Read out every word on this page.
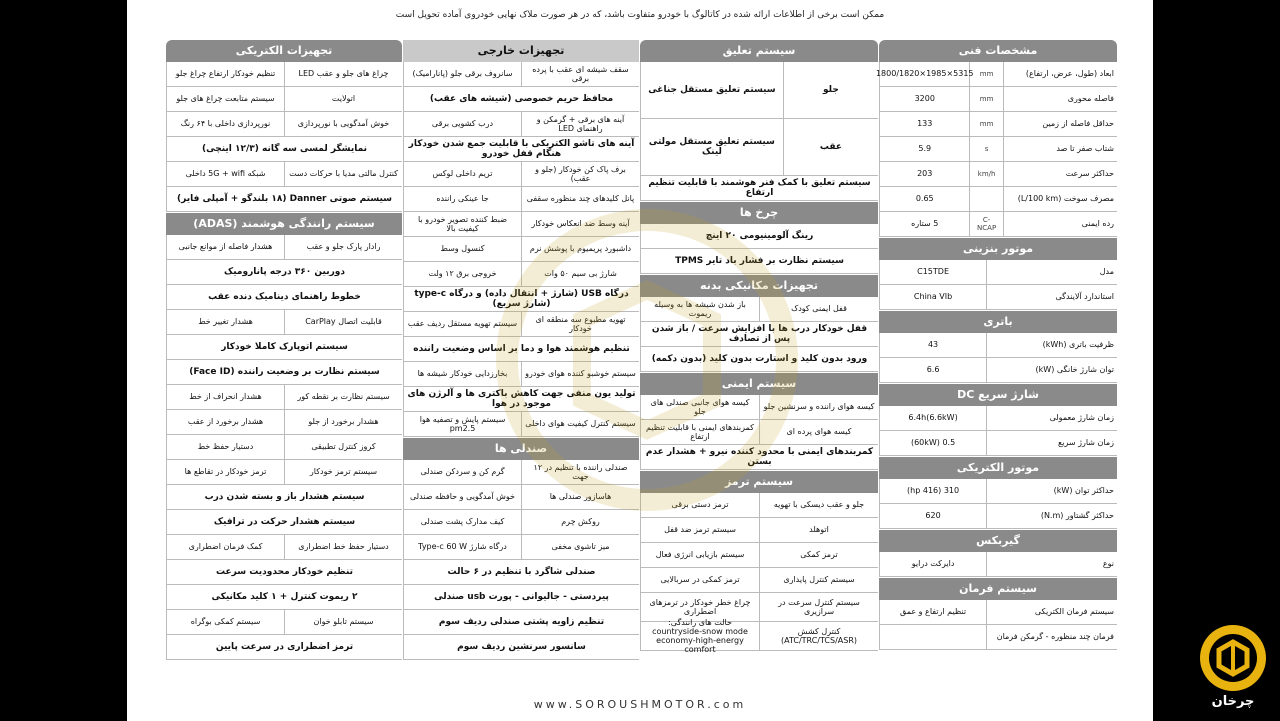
ممکن است برخی از اطلاعات ارائه شده در کاتالوگ با خودرو متفاوت باشد، که در هر صورت ملاک نهایی خودروی آماده تحویل است
مشخصات فنی
ابعاد (طول، عرض، ارتفاع)
mm
5315×1985×1800/1820
فاصله محوری
mm
3200
حداقل فاصله از زمین
mm
133
شتاب صفر تا صد
s
5.9
حداکثر سرعت
km/h
203
مصرف سوخت (L/100 km)
0.65
رده ایمنی
C-NCAP
5 ستاره
موتور بنزینی
مدل
C15TDE
استاندارد آلایندگی
China VIb
باتری
ظرفیت باتری (kWh)
43
توان شارژ خانگی (kW)
6.6
شارژ سریع DC
زمان شارژ معمولی
6.4h(6.6kW)
زمان شارژ سریع
0.5 (60kW)
موتور الکتریکی
حداکثر توان (kW)
310 (416 hp)
حداکثر گشتاور (N.m)
620
گیربکس
نوع
دایرکت درایو
سیستم فرمان
سیستم فرمان الکتریکی
تنظیم ارتفاع و عمق
فرمان چند منظوره - گرمکن فرمان
سیستم تعلیق
جلو
سیستم تعلیق مستقل جناغی
عقب
سیستم تعلیق مستقل مولتی لینک
سیستم تعلیق با کمک فنر هوشمند با قابلیت تنظیم ارتفاع
چرخ ها
رینگ آلومینیومی ۲۰ اینچ
سیستم نظارت بر فشار باد تایر TPMS
تجهیزات مکانیکی بدنه
قفل ایمنی کودک
باز شدن شیشه ها به وسیله ریموت
قفل خودکار درب ها با افزایش سرعت / باز شدن پس از تصادف
ورود بدون کلید و استارت بدون کلید (بدون دکمه)
سیستم ایمنی
کیسه هوای راننده و سرنشین جلو
کیسه هوای جانبی صندلی های جلو
کیسه هوای پرده ای
کمربندهای ایمنی با قابلیت تنظیم ارتفاع
کمربندهای ایمنی با محدود کننده نیرو + هشدار عدم بستن
سیستم ترمز
جلو و عقب دیسکی با تهویه
ترمز دستی برقی
اتوهلد
سیستم ترمز ضد قفل
ترمز کمکی
سیستم بازیابی انرژی فعال
سیستم کنترل پایداری
ترمز کمکی در سربالایی
سیستم کنترل سرعت در سرازیری
چراغ خطر خودکار در ترمزهای اضطراری
کنترل کشش (ATC/TRC/TCS/ASR)
حالت های رانندگی: countryside-snow mode economy-high-energy comfort
تجهیزات خارجی
سقف شیشه ای عقب با پرده برقی
سانروف برقی جلو (پانارامیک)
محافظ حریم خصوصی (شیشه های عقب)
آینه های برقی + گرمکن و راهنمای LED
درب کشویی برقی
آینه های تاشو الکتریکی با قابلیت جمع شدن خودکار هنگام قفل خودرو
برف پاک کن خودکار (جلو و عقب)
تریم داخلی لوکس
پانل کلیدهای چند منظوره سقفی
جا عینکی راننده
آینه وسط ضد انعکاس خودکار
ضبط کننده تصویر خودرو با کیفیت بالا
داشبورد پریمیوم با پوشش نرم
کنسول وسط
شارژ بی سیم ۵۰ وات
خروجی برق ۱۲ ولت
درگاه USB (شارژ + انتقال داده) و درگاه type-c (شارژ سریع)
تهویه مطبوع سه منطقه ای خودکار
سیستم تهویه مستقل ردیف عقب
تنظیم هوشمند هوا و دما بر اساس وضعیت راننده
سیستم خوشبو کننده هوای خودرو
بخارزدایی خودکار شیشه ها
تولید یون منفی جهت کاهش باکتری ها و آلرژن های موجود در هوا
سیستم کنترل کیفیت هوای داخلی
سیستم پایش و تصفیه هوا pm2.5
صندلی ها
صندلی راننده با تنظیم در ۱۲ جهت
گرم کن و سردکن صندلی
هاسازور صندلی ها
خوش آمدگویی و حافظه صندلی
روکش چرم
کیف مدارک پشت صندلی
میز تاشوی مخفی
درگاه شارژ Type-c 60 W
صندلی شاگرد با تنظیم در ۶ حالت
پیردستی - جالیوانی - پورت usb صندلی
تنظیم زاویه پشتی صندلی ردیف سوم
سانسور سرنشین ردیف سوم
تجهیزات الکتریکی
چراغ های جلو و عقب LED
تنظیم خودکار ارتفاع چراغ جلو
اتولایت
سیستم متابعت چراغ های جلو
خوش آمدگویی با نورپردازی
نورپردازی داخلی با ۶۴ رنگ
نمایشگر لمسی سه گانه (۱۲/۳ اینچی)
کنترل مالتی مدیا با حرکات دست
شبکه 5G + wifi داخلی
سیستم صوتی Danner (۱۸ بلندگو + آمپلی فایر)
سیستم رانندگی هوشمند (ADAS)
رادار پارک جلو و عقب
هشدار فاصله از موانع جانبی
دوربین ۳۶۰ درجه پانارومیک
خطوط راهنمای دینامیک دنده عقب
قابلیت اتصال CarPlay
هشدار تغییر خط
سیستم اتوپارک کاملا خودکار
سیستم نظارت بر وضعیت راننده (Face ID)
سیستم نظارت بر نقطه کور
هشدار انحراف از خط
هشدار برخورد از جلو
هشدار برخورد از عقب
کروز کنترل تطبیقی
دستیار حفظ خط
سیستم ترمز خودکار
ترمز خودکار در تقاطع ها
سیستم هشدار باز و بسته شدن درب
سیستم هشدار حرکت در ترافیک
دستیار حفظ خط اضطراری
کمک فرمان اضطراری
تنظیم خودکار محدودیت سرعت
۲ ریموت کنترل + ۱ کلید مکانیکی
سیستم تابلو خوان
سیستم کمکی بوگراه
ترمز اضطراری در سرعت پایین
www.SOROUSHMOTOR.com	چرخان
